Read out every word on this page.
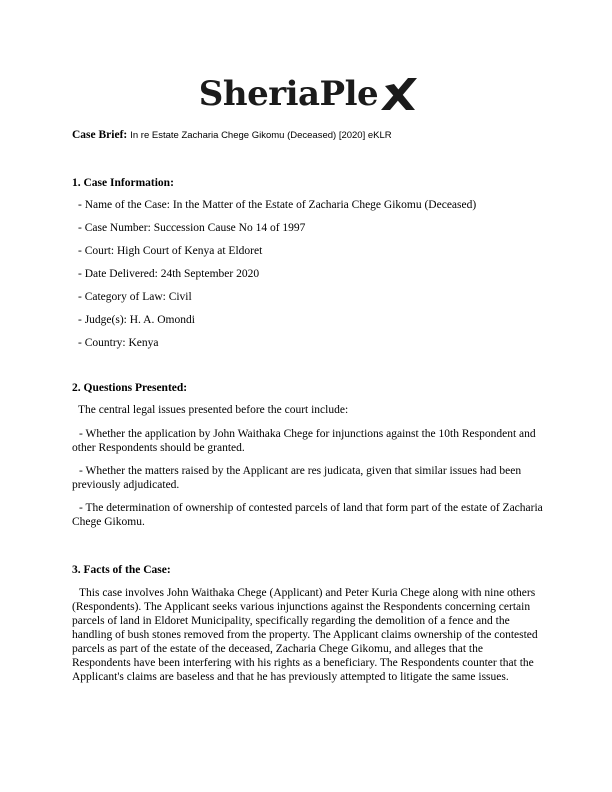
SheriaPle
Case Brief: In re Estate Zacharia Chege Gikomu (Deceased) [2020] eKLR
1. Case Information:
- Name of the Case: In the Matter of the Estate of Zacharia Chege Gikomu (Deceased)
- Case Number: Succession Cause No 14 of 1997
- Court: High Court of Kenya at Eldoret
- Date Delivered: 24th September 2020
- Category of Law: Civil
- Judge(s): H. A. Omondi
- Country: Kenya
2. Questions Presented:
The central legal issues presented before the court include:
- Whether the application by John Waithaka Chege for injunctions against the 10th Respondent and other Respondents should be granted.
- Whether the matters raised by the Applicant are res judicata, given that similar issues had been previously adjudicated.
- The determination of ownership of contested parcels of land that form part of the estate of Zacharia Chege Gikomu.
3. Facts of the Case:
This case involves John Waithaka Chege (Applicant) and Peter Kuria Chege along with nine others (Respondents). The Applicant seeks various injunctions against the Respondents concerning certain parcels of land in Eldoret Municipality, specifically regarding the demolition of a fence and the handling of bush stones removed from the property. The Applicant claims ownership of the contested parcels as part of the estate of the deceased, Zacharia Chege Gikomu, and alleges that the Respondents have been interfering with his rights as a beneficiary. The Respondents counter that the Applicant's claims are baseless and that he has previously attempted to litigate the same issues.
